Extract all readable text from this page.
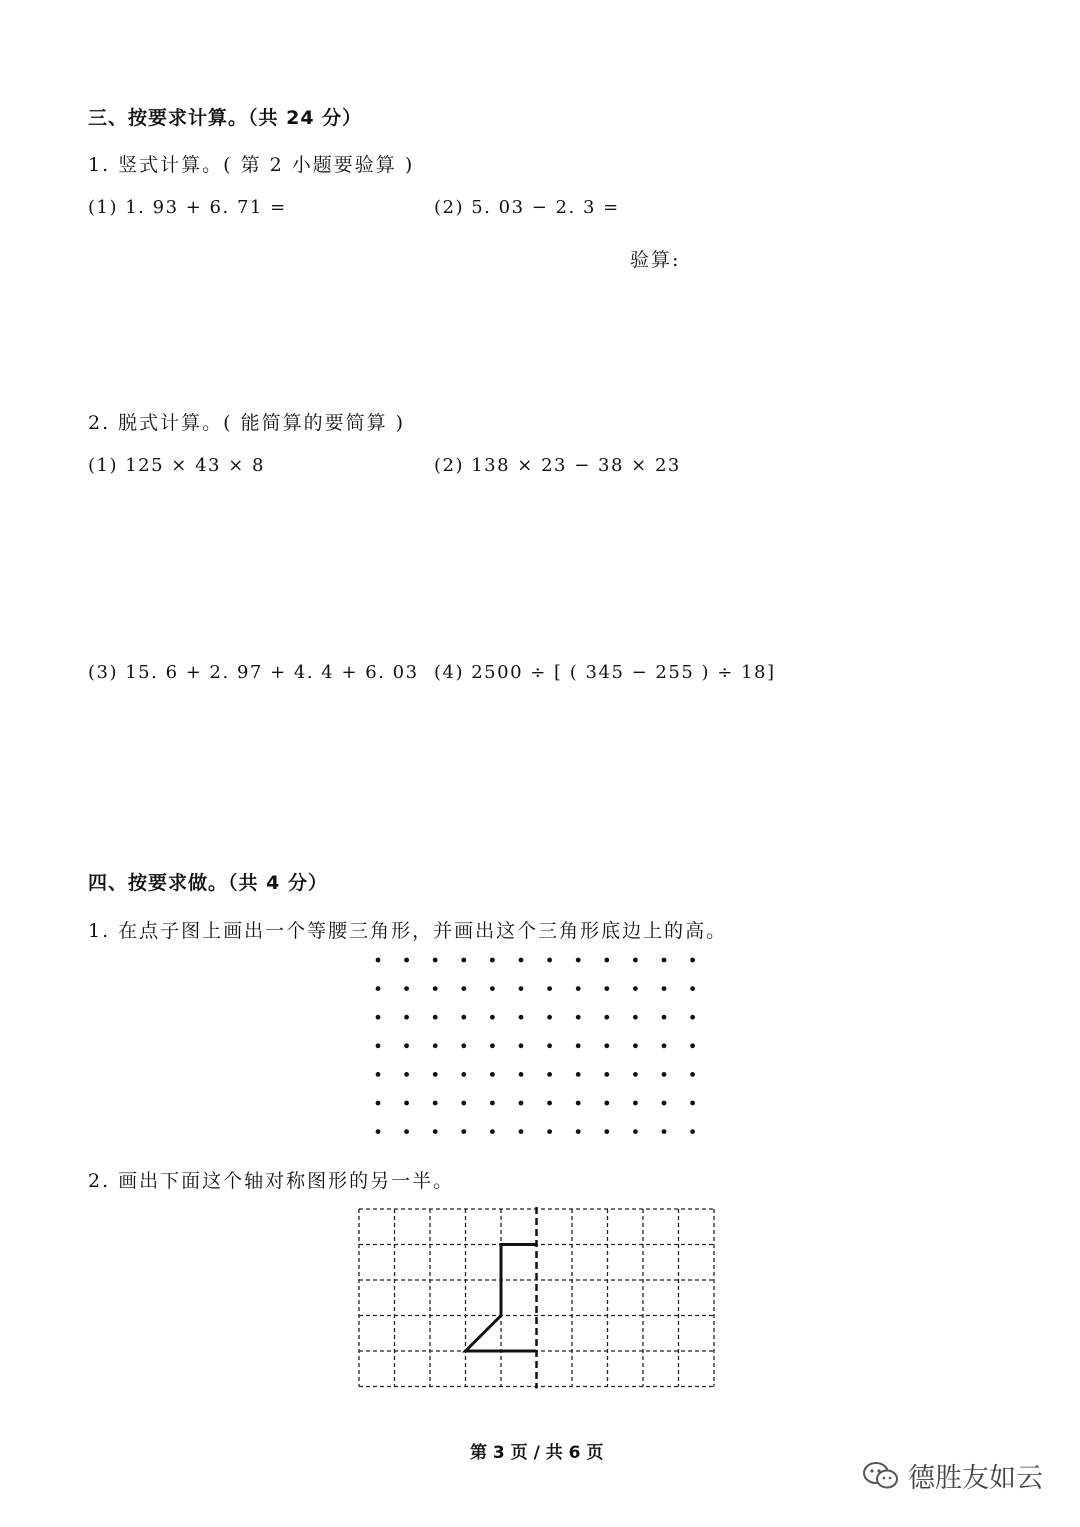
三、按要求计算。（共 24 分）
1. 竖式计算。( 第 2 小题要验算 )
(1) 1. 93 + 6. 71 =	(2) 5. 03 − 2. 3 =
验算:
2. 脱式计算。( 能简算的要简算 )
(1) 125 × 43 × 8	(2) 138 × 23 − 38 × 23
(3) 15. 6 + 2. 97 + 4. 4 + 6. 03 (4) 2500 ÷ [ ( 345 − 255 ) ÷ 18]
四、按要求做。（共 4 分）
1. 在点子图上画出一个等腰三角形，并画出这个三角形底边上的高。
2. 画出下面这个轴对称图形的另一半。
第 3 页 / 共 6 页
德胜友如云
